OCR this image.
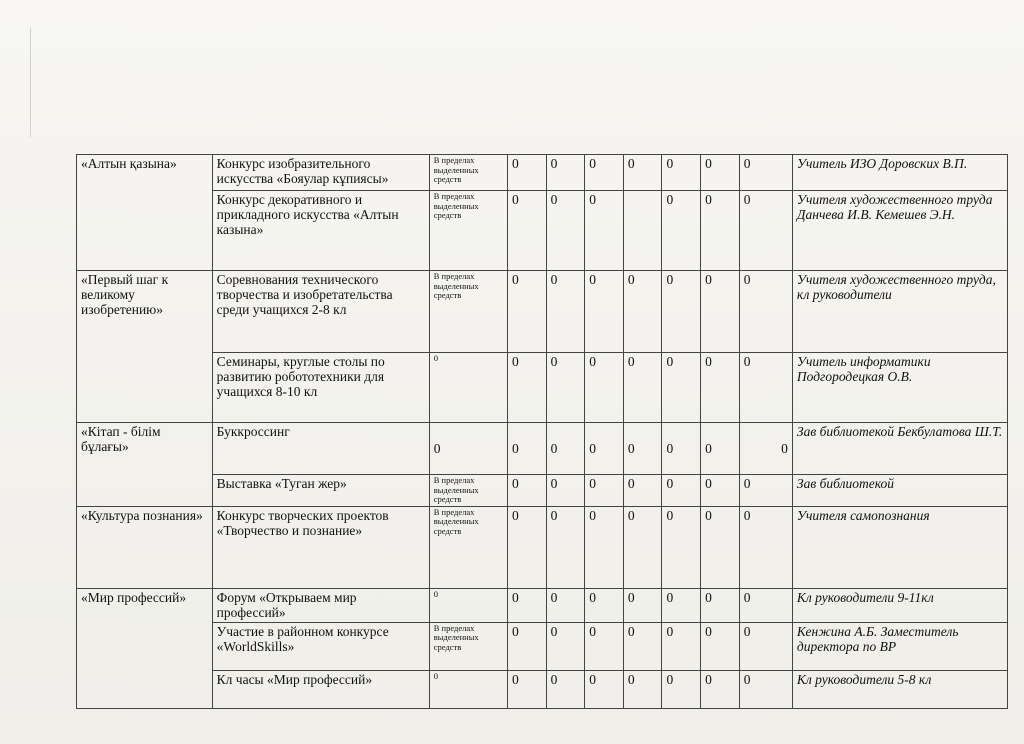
«Алтын қазына»	Конкурс изобразительного искусства «Бояулар кұпиясы»	В пределах выделенных средств	0	0	0	0	0	0	0	Учитель ИЗО Доровских В.П.
	Конкурс декоративного и прикладного искусства «Алтын казына»	В пределах выделенных средств	0	0	0		0	0	0	Учителя художественного труда Данчева И.В. Кемешев Э.Н.
«Первый шаг к великому изобретению»	Соревнования технического творчества и изобретательства среди учащихся 2-8 кл	В пределах выделенных средств	0	0	0	0	0	0	0	Учителя художественного труда, кл руководители
	Семинары, круглые столы по развитию робототехники для учащихся 8-10 кл	0	0	0	0	0	0	0	0	Учитель информатики Подгородецкая О.В.
«Кітап - білім бұлағы»	Буккроссинг	0	0	0	0	0	0	0	0	Зав библиотекой Бекбулатова Ш.Т.
	Выставка «Туган жер»	В пределах выделенных средств	0	0	0	0	0	0	0	Зав библиотекой
«Культура познания»	Конкурс творческих проектов «Творчество и познание»	В пределах выделенных средств	0	0	0	0	0	0	0	Учителя самопознания
«Мир профессий»	Форум «Открываем мир профессий»	0	0	0	0	0	0	0	0	Кл руководители 9-11кл
	Участие в районном конкурсе «WorldSkills»	В пределах выделенных средств	0	0	0	0	0	0	0	Кенжина А.Б. Заместитель директора по ВР
	Кл часы «Мир профессий»	0	0	0	0	0	0	0	0	Кл руководители 5-8 кл
